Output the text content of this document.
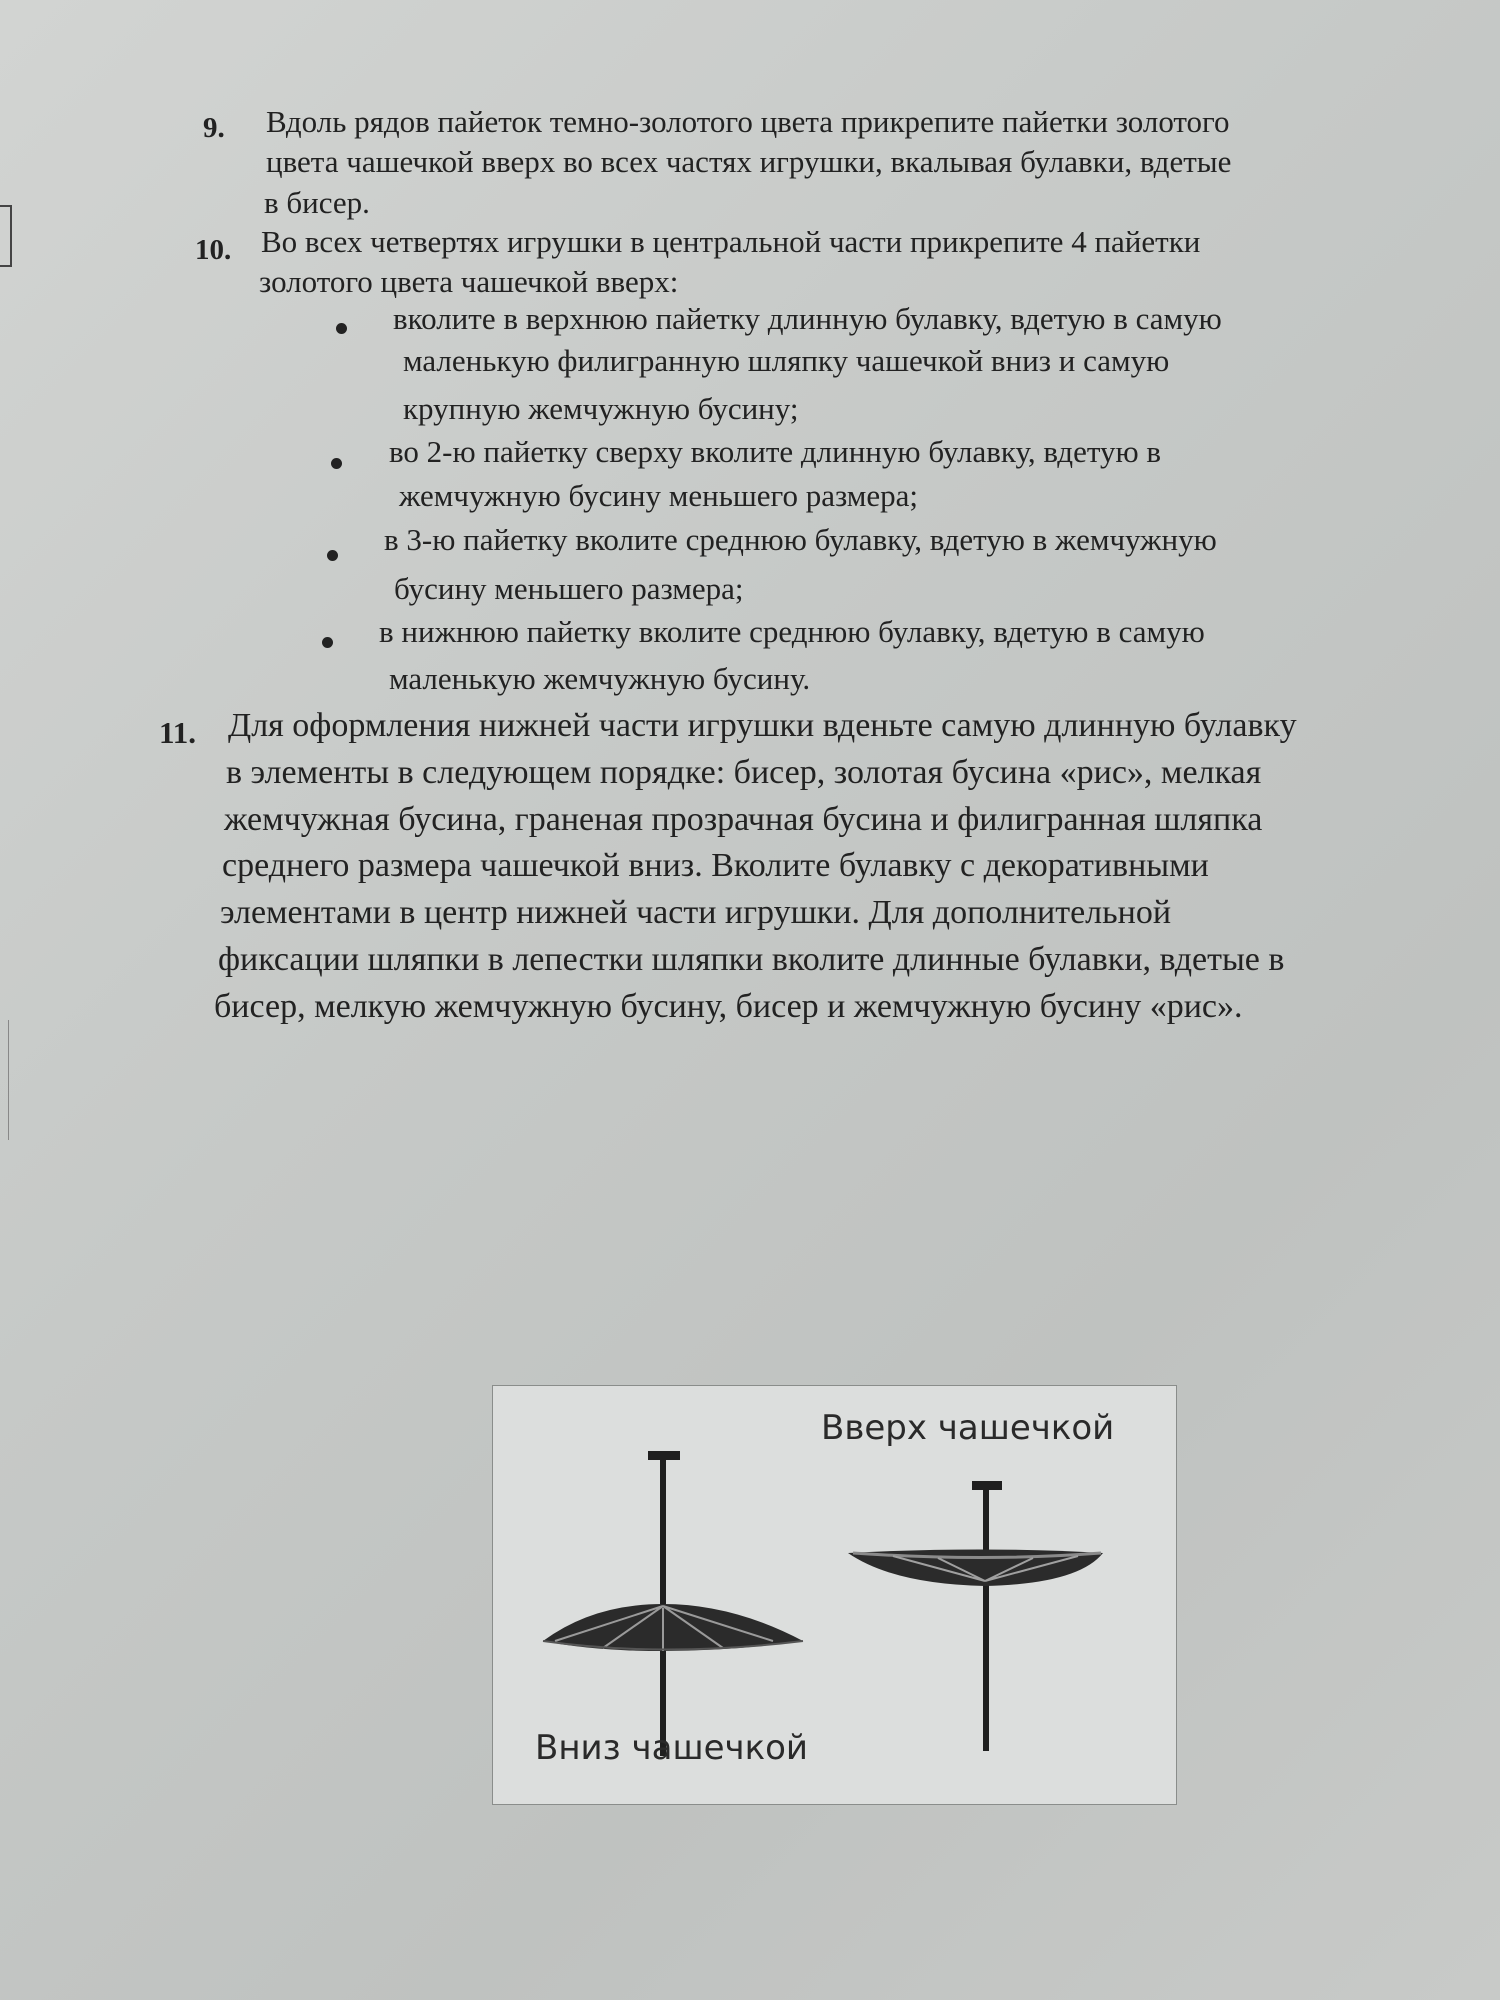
9. Вдоль рядов пайеток темно-золотого цвета прикрепите пайетки золотого
цвета чашечкой вверх во всех частях игрушки, вкалывая булавки, вдетые
в бисер.
10. Во всех четвертях игрушки в центральной части прикрепите 4 пайетки
золотого цвета чашечкой вверх:
вколите в верхнюю пайетку длинную булавку, вдетую в самую
маленькую филигранную шляпку чашечкой вниз и самую
крупную жемчужную бусину;
во 2-ю пайетку сверху вколите длинную булавку, вдетую в
жемчужную бусину меньшего размера;
в 3-ю пайетку вколите среднюю булавку, вдетую в жемчужную
бусину меньшего размера;
в нижнюю пайетку вколите среднюю булавку, вдетую в самую
маленькую жемчужную бусину.
11. Для оформления нижней части игрушки вденьте самую длинную булавку
в элементы в следующем порядке: бисер, золотая бусина «рис», мелкая
жемчужная бусина, граненая прозрачная бусина и филигранная шляпка
среднего размера чашечкой вниз. Вколите булавку с декоративными
элементами в центр нижней части игрушки. Для дополнительной
фиксации шляпки в лепестки шляпки вколите длинные булавки, вдетые в
бисер, мелкую жемчужную бусину, бисер и жемчужную бусину «рис».
Вверх чашечкой
Вниз чашечкой
